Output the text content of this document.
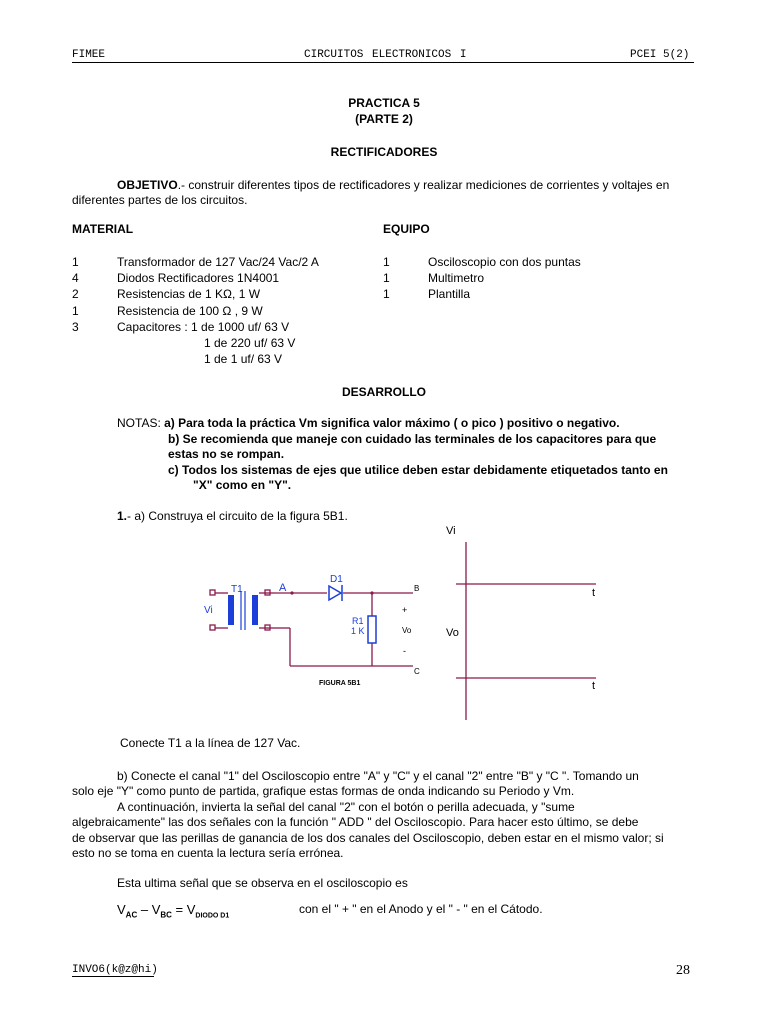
FIMEE	CIRCUITOS ELECTRONICOS I	PCEI 5(2)
PRACTICA 5
(PARTE 2)
RECTIFICADORES
OBJETIVO.- construir diferentes tipos de rectificadores y realizar mediciones de corrientes y voltajes en
diferentes partes de los circuitos.
MATERIAL
1	Transformador de 127 Vac/24 Vac/2 A
4	Diodos Rectificadores 1N4001
2	Resistencias de 1 KΩ, 1 W
1	Resistencia de 100 Ω , 9 W
3	Capacitores : 1 de 1000 uf/ 63 V
1 de 220 uf/ 63 V
1 de 1 uf/ 63 V
EQUIPO
1	Osciloscopio con dos puntas
1	Multimetro
1	Plantilla
DESARROLLO
NOTAS: a) Para toda la práctica Vm significa valor máximo ( o pico ) positivo o negativo.
b) Se recomienda que maneje con cuidado las terminales de los capacitores para que
estas no se rompan.
c) Todos los sistemas de ejes que utilice deben estar debidamente etiquetados tanto en
"X" como en "Y".
1.- a) Construya el circuito de la figura 5B1.
T1	A
D1
B
C
Vi
R1
1 K
+
Vo
-
FIGURA 5B1
Vi
Vo
t
t
Conecte T1 a la línea de 127 Vac.
b) Conecte el canal "1" del Osciloscopio entre "A" y "C" y el canal "2" entre "B" y "C ". Tomando un
solo eje "Y" como punto de partida, grafique estas formas de onda indicando su Periodo y Vm.
A continuación, invierta la señal del canal "2" con el botón o perilla adecuada, y "sume
algebraicamente" las dos señales con la función " ADD " del Osciloscopio. Para hacer esto último, se debe
de observar que las perillas de ganancia de los dos canales del Osciloscopio, deben estar en el mismo valor; si
esto no se toma en cuenta la lectura sería errónea.
Esta ultima señal que se observa en el osciloscopio es
$V_{AC} - V_{BC} = V_{DIODO D1}$
con el " + " en el Anodo y el " - " en el Cátodo.
INVO6(k@z@hi)	28
